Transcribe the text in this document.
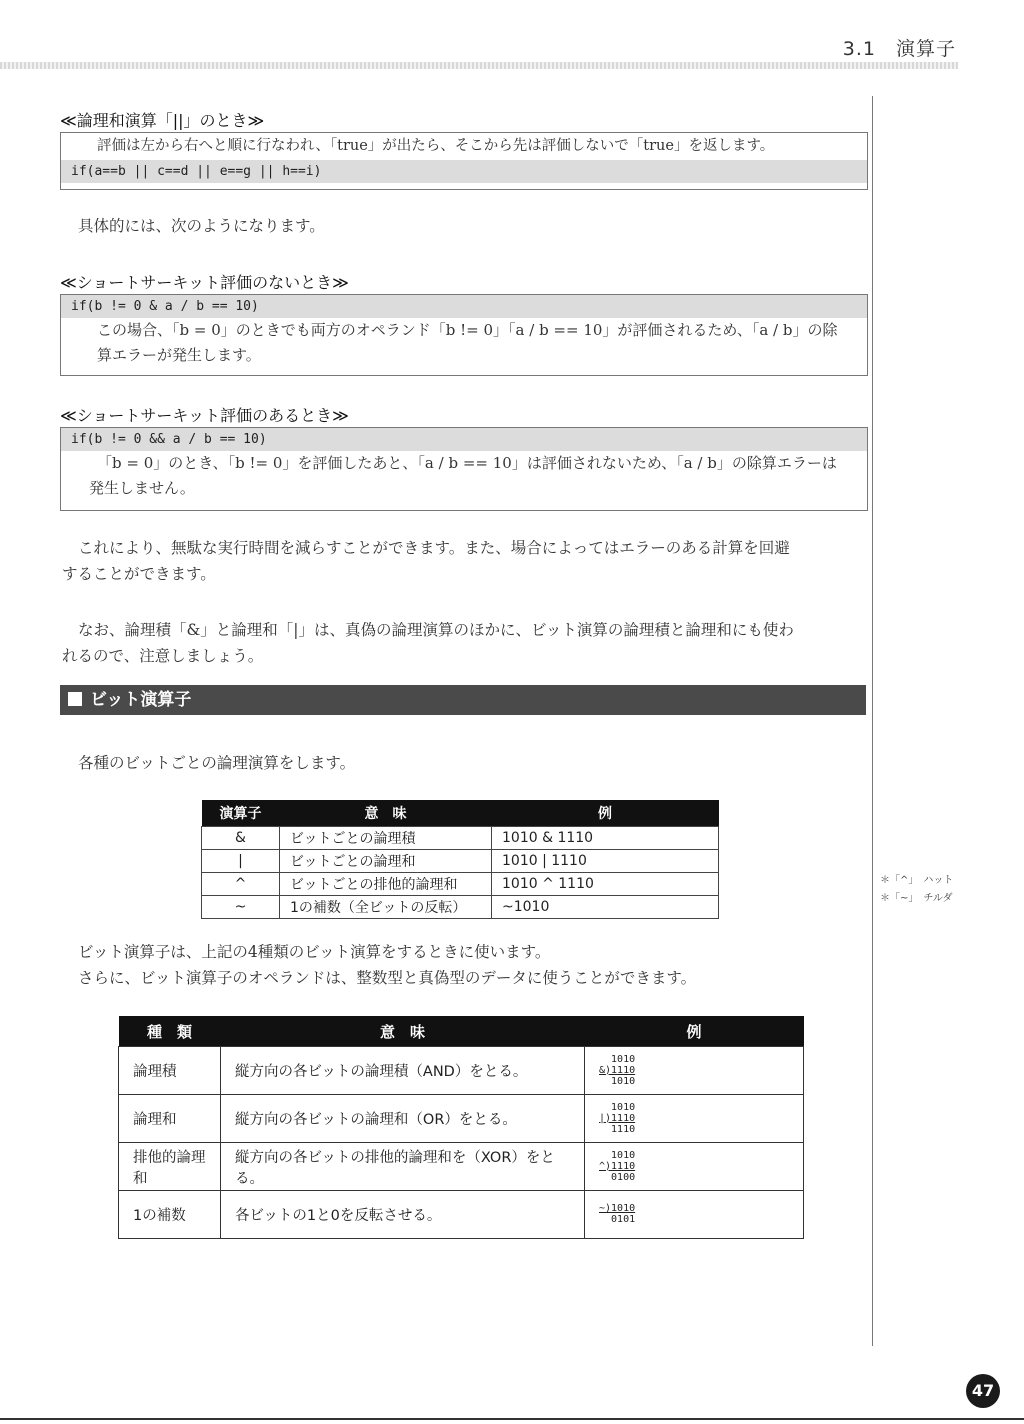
3.1　演算子
≪論理和演算「||」のとき≫
評価は左から右へと順に行なわれ、「true」が出たら、そこから先は評価しないで「true」を返します。
if(a==b || c==d || e==g || h==i)
具体的には、次のようになります。
≪ショートサーキット評価のないとき≫
if(b != 0 & a / b == 10)
この場合、「b = 0」のときでも両方のオペランド「b != 0」「a / b == 10」が評価されるため、「a / b」の除
算エラーが発生します。
≪ショートサーキット評価のあるとき≫
if(b != 0 && a / b == 10)
「b = 0」のとき、「b != 0」を評価したあと、「a / b == 10」は評価されないため、「a / b」の除算エラーは
発生しません。
これにより、無駄な実行時間を減らすことができます。また、場合によってはエラーのある計算を回避
することができます。
なお、論理積「&」と論理和「|」は、真偽の論理演算のほかに、ビット演算の論理積と論理和にも使わ
れるので、注意しましょう。
ビット演算子
各種のビットごとの論理演算をします。
演算子	意　味	例
&	ビットごとの論理積	1010 & 1110
|	ビットごとの論理和	1010 | 1110
^	ビットごとの排他的論理和	1010 ^ 1110
~	1の補数（全ビットの反転）	~1010
＊「^」　ハット
＊「~」　チルダ
ビット演算子は、上記の4種類のビット演算をするときに使います。
さらに、ビット演算子のオペランドは、整数型と真偽型のデータに使うことができます。
種　類	意　味	例
論理積	縦方向の各ビットの論理積（AND）をとる。	1010
&)1110
1010

論理和	縦方向の各ビットの論理和（OR）をとる。	1010
|)1110
1110

排他的論理和	縦方向の各ビットの排他的論理和を（XOR）をとる。	1010
^)1110
0100

1の補数	各ビットの1と0を反転させる。	$\frac{\sim)1010}{0101}$
47
